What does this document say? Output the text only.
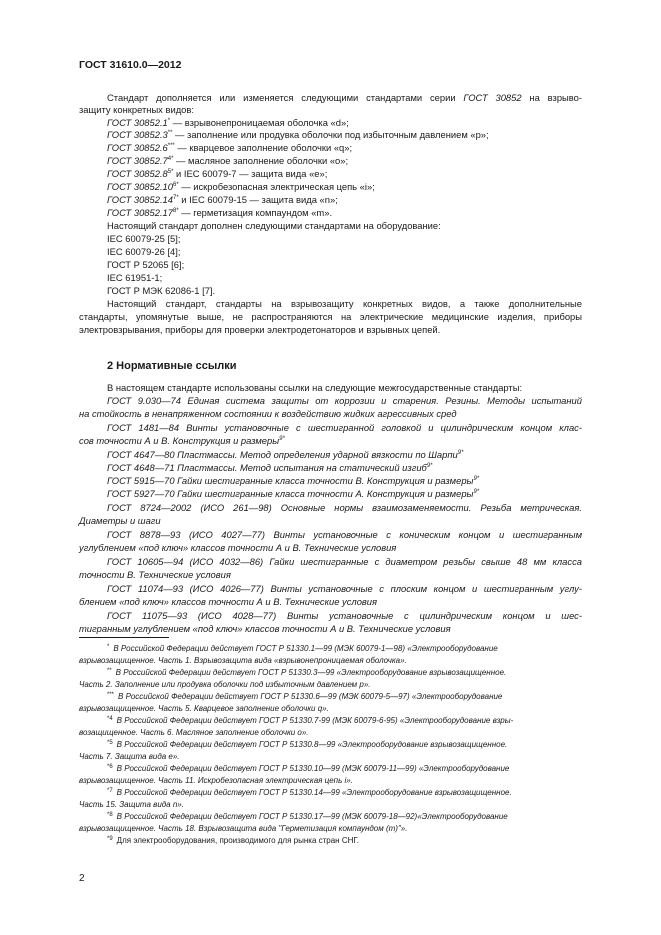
ГОСТ 31610.0—2012
Стандарт дополняется или изменяется следующими стандартами серии ГОСТ 30852 на взрыво-
защиту конкретных видов:
ГОСТ 30852.1* — взрывонепроницаемая оболочка «d»;
ГОСТ 30852.3** — заполнение или продувка оболочки под избыточным давлением «р»;
ГОСТ 30852.6*** — кварцевое заполнение оболочки «q»;
ГОСТ $30852.7^{4*}$ — масляное заполнение оболочки «о»;
ГОСТ $30852.8^{5*}$ и IEC 60079-7 — защита вида «е»;
ГОСТ $30852.10^{6*}$ — искробезопасная электрическая цепь «i»;
ГОСТ $30852.14^{7*}$ и IEC 60079-15 — защита вида «n»;
ГОСТ $30852.17^{8*}$ — герметизация компаундом «m».
Настоящий стандарт дополнен следующими стандартами на оборудование:
IEC 60079-25 [5];
IEC 60079-26 [4];
ГОСТ Р 52065 [6];
IEC 61951-1;
ГОСТ Р МЭК 62086-1 [7].
Настоящий стандарт, стандарты на взрывозащиту конкретных видов, а также дополнительные
стандарты, упомянутые выше, не распространяются на электрические медицинские изделия, приборы
электровзрывания, приборы для проверки электродетонаторов и взрывных цепей.
2 Нормативные ссылки
В настоящем стандарте использованы ссылки на следующие межгосударственные стандарты:
ГОСТ 9.030—74 Единая система защиты от коррозии и старения. Резины. Методы испытаний
на стойкость в ненапряженном состоянии к воздействию жидких агрессивных сред
ГОСТ 1481—84 Винты установочные с шестигранной головкой и цилиндрическим концом клас-
сов точности А и В. Конструкция и размеры$^{9*}$
ГОСТ 4647—80 Пластмассы. Метод определения ударной вязкости по Шарпи$^{9*}$
ГОСТ 4648—71 Пластмассы. Метод испытания на статический изгиб$^{9*}$
ГОСТ 5915—70 Гайки шестигранные класса точности В. Конструкция и размеры$^{9*}$
ГОСТ 5927—70 Гайки шестигранные класса точности А. Конструкция и размеры$^{9*}$
ГОСТ 8724—2002 (ИСО 261—98) Основные нормы взаимозаменяемости. Резьба метрическая.
Диаметры и шаги
ГОСТ 8878—93 (ИСО 4027—77) Винты установочные с коническим концом и шестигранным
углублением «под ключ» классов точности А и В. Технические условия
ГОСТ 10605—94 (ИСО 4032—86) Гайки шестигранные с диаметром резьбы свыше 48 мм класса
точности В. Технические условия
ГОСТ 11074—93 (ИСО 4026—77) Винты установочные с плоским концом и шестигранным углу-
блением «под ключ» классов точности А и В. Технические условия
ГОСТ 11075—93 (ИСО 4028—77) Винты установочные с цилиндрическим концом и шес-
тигранным углублением «под ключ» классов точности А и В. Технические условия
* В Российской Федерации действует ГОСТ Р 51330.1—99 (МЭК 60079-1—98) «Электрооборудование
взрывозащищенное. Часть 1. Взрывозащита вида «взрывонепроницаемая оболочка».
** В Российской Федерации действует ГОСТ Р 51330.3—99 «Электрооборудование взрывозащищенное.
Часть 2. Заполнение или продувка оболочки под избыточным давлением р».
*** В Российской Федерации действует ГОСТ Р 51330.6—99 (МЭК 60079-5—97) «Электрооборудование
взрывозащищенное. Часть 5. Кварцевое заполнение оболочки q».
$^{*4}$ В Российской Федерации действует ГОСТ Р 51330.7-99 (МЭК 60079-6-95) «Электрооборудование взры-
возащищенное. Часть 6. Масляное заполнение оболочки о».
$^{*5}$ В Российской Федерации действует ГОСТ Р 51330.8—99 «Электрооборудование взрывозащищенное.
Часть 7. Защита вида е».
$^{*6}$ В Российской Федерации действует ГОСТ Р 51330.10—99 (МЭК 60079-11—99) «Электрооборудование
взрывозащищенное. Часть 11. Искробезопасная электрическая цепь i».
$^{*7}$ В Российской Федерации действует ГОСТ Р 51330.14—99 «Электрооборудование взрывозащищенное.
Часть 15. Защита вида n».
$^{*8}$ В Российской Федерации действует ГОСТ Р 51330.17—99 (МЭК 60079-18—92)«Электрооборудование
взрывозащищенное. Часть 18. Взрывозащита вида "Герметизация компаундом (m)"».
$^{*9}$ Для электрооборудования, производимого для рынка стран СНГ.
2
